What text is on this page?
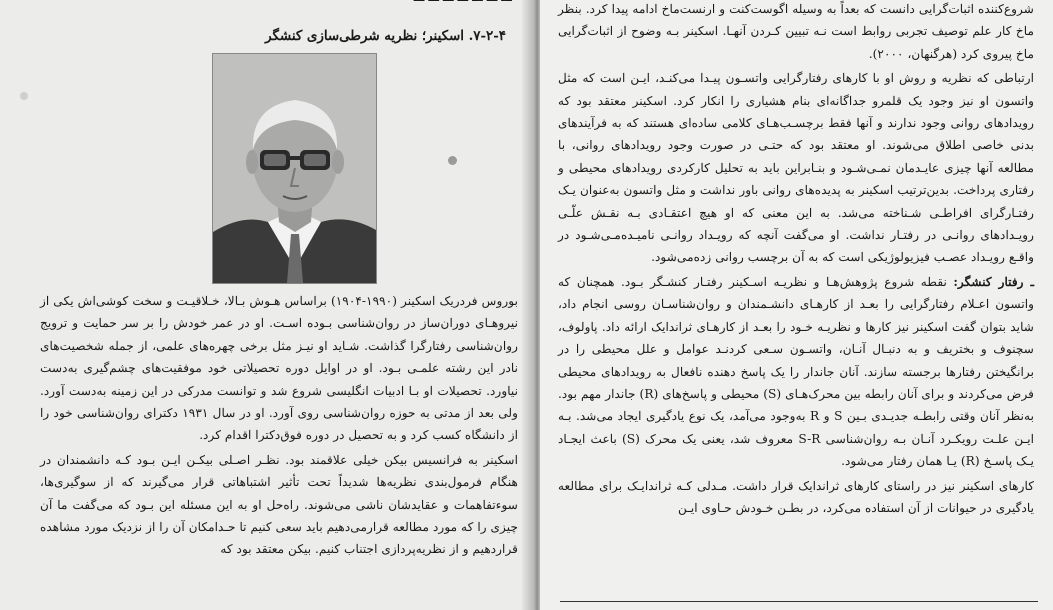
۷-۲-۴. اسکینر؛ نظریه شرطی‌سازی کنشگر

بوروس فردریک اسکینر (۱۹۹۰-۱۹۰۴) براساس هـوش بـالا، خـلاقیـت و سخت کوشی‌اش یکی از نیروهـای دوران‌ساز در روان‌شناسی بـوده اسـت. او در عمر خودش را بر سر حمایت و ترویج روان‌شناسی رفتارگرا گذاشت. شـاید او نیـز مثل برخی چهره‌های علمی، از جمله شخصیت‌های نادر این رشته علمـی بـود. او در اوایل دوره تحصیلاتی خود موفقیت‌های چشم‌گیری به‌دست نیاورد. تحصیلات او بـا ادبیات انگلیسی شروع شد و توانست مدرکی در این زمینه به‌دست آورد. ولی بعد از مدتی به حوزه روان‌شناسی روی آورد. او در سال ۱۹۳۱ دکترای روان‌شناسی خود را از دانشگاه کسب کرد و به تحصیل در دوره فوق‌دکترا اقدام کرد.

اسکینر به فرانسیس بیکن خیلی علاقمند بود. نظـر اصـلی بیکـن ایـن بـود کـه دانشمندان در هنگام فرمول‌بندی نظریه‌ها شدیداً تحت تأثیر اشتباهاتی قرار می‌گیرند که از سوگیری‌ها، سوءتفاهمات و عقایدشان ناشی می‌شوند. راه‌حل او به این مسئله این بـود که می‌گفت ما آن چیزی را که مورد مطالعه قرارمی‌دهیم باید سعی کنیم تا حـدامکان آن را از نزدیک مورد مشاهده قراردهیم و از نظریه‌پردازی اجتناب کنیم. بیکن معتقد بود که

شروع‌کننده اثبات‌گرایی دانست که بعداً به وسیله اگوست‌کنت و ارنست‌ماخ ادامه پیدا کرد. بنظر ماخ کار علم توصیف تجربی روابط است نـه تبیین کـردن آنهـا. اسکینر بـه وضوح از اثبات‌گرایی ماخ پیروی کرد (هرگنهان، ۲۰۰۰).

ارتباطی که نظریه و روش او با کارهای رفتارگرایی واتسـون پیـدا می‌کنـد، ایـن است که مثل واتسون او نیز وجود یک قلمرو جداگانه‌ای بنام هشیاری را انکار کرد. اسکینر معتقد بود که رویدادهای روانی وجود ندارند و آنها فقط برچسـب‌هـای کلامی ساده‌ای هستند که به فرآیندهای بدنی خاصی اطلاق می‌شوند. او معتقد بود که حتـی در صورت وجود رویدادهای روانی، با مطالعه آنها چیزی عایـدمان نمـی‌شـود و بنـابراین باید به تحلیل کارکردی رویدادهای محیطی و رفتاری پرداخت. بدین‌ترتیب اسکینر به پدیده‌های روانی باور نداشت و مثل واتسون به‌عنوان یـک رفتـارگرای افراطـی شـناخته می‌شد. به این معنی که او هیچ اعتقـادی بـه نقـش علّـی رویـدادهای روانـی در رفتـار نداشت. او می‌گفت آنچه که رویـداد روانـی نامیـده‌مـی‌شـود در واقـع رویـداد عصـب فیزیولوژیکی است که به آن برچسب روانی زده‌می‌شود.

ـ رفتار کنشگر: نقطه شروع پژوهش‌هـا و نظریـه اسـکینر رفتـار کنشـگر بـود. همچنان که واتسون اعـلام رفتارگرایی را بعـد از کارهـای دانشـمندان و روان‌شناسـان روسی انجام داد، شاید بتوان گفت اسکینر نیز کارها و نظریـه خـود را بعـد از کارهـای ثراندایک ارائه داد. پاولوف، سچنوف و بختریف و به دنبـال آنـان، واتسـون سـعی کردنـد عوامل و علل محیطی را در برانگیختن رفتارها برجسته سازند. آنان جاندار را یک پاسخ دهنده نافعال به رویدادهای محیطی فرض می‌کردند و برای آنان رابطه بین محرک‌هـای (S) محیطی و پاسخ‌های (R) جاندار مهم بود. به‌نظر آنان وقتی رابطـه جدیـدی بـین S و R به‌وجود می‌آمد، یک نوع یادگیری ایجاد می‌شد. بـه ایـن علـت رویکـرد آنـان بـه روان‌شناسی S-R معروف شد، یعنی یک محرک (S) باعث ایجـاد یـک پاسـخ (R) یـا همان رفتار می‌شود.

کارهای اسکینر نیز در راستای کارهای ثراندایک قرار داشت. مـدلی کـه ثراندایـک برای مطالعه یادگیری در حیوانات از آن استفاده می‌کرد، در بطـن خـودش حـاوی ایـن
